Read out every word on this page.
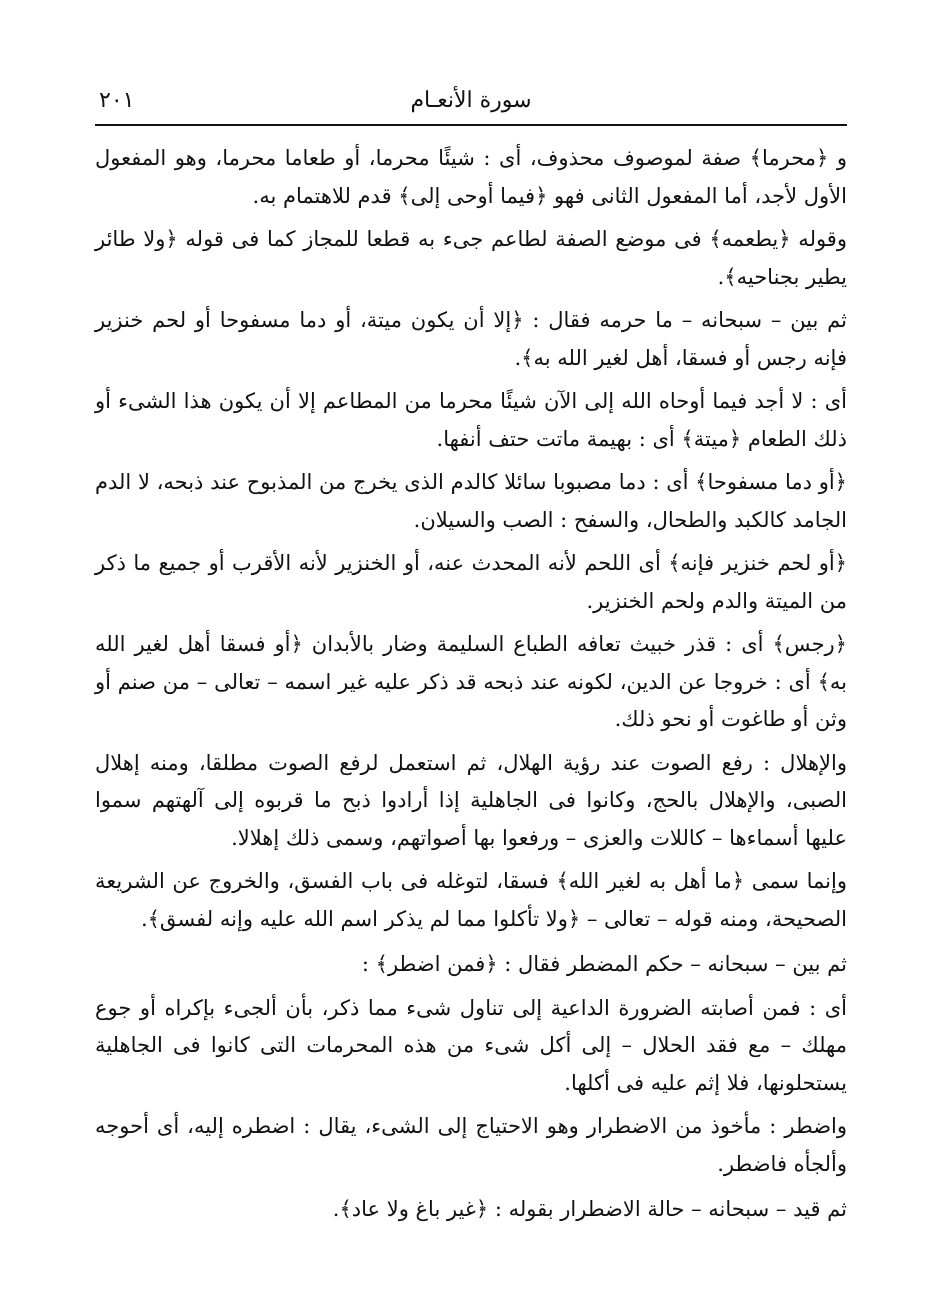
سورة الأنعـام
٢٠١

و ﴿محرما﴾ صفة لموصوف محذوف، أى : شيئًا محرما، أو طعاما محرما، وهو المفعول الأول لأجد، أما المفعول الثانى فهو ﴿فيما أوحى إلى﴾ قدم للاهتمام به.

وقوله ﴿يطعمه﴾ فى موضع الصفة لطاعم جىء به قطعا للمجاز كما فى قوله ﴿ولا طائر يطير بجناحيه﴾.

ثم بين – سبحانه – ما حرمه فقال : ﴿إلا أن يكون ميتة، أو دما مسفوحا أو لحم خنزير فإنه رجس أو فسقا، أهل لغير الله به﴾.

أى : لا أجد فيما أوحاه الله إلى الآن شيئًا محرما من المطاعم إلا أن يكون هذا الشىء أو ذلك الطعام ﴿ميتة﴾ أى : بهيمة ماتت حتف أنفها.

﴿أو دما مسفوحا﴾ أى : دما مصبوبا سائلا كالدم الذى يخرج من المذبوح عند ذبحه، لا الدم الجامد كالكبد والطحال، والسفح : الصب والسيلان.

﴿أو لحم خنزير فإنه﴾ أى اللحم لأنه المحدث عنه، أو الخنزير لأنه الأقرب أو جميع ما ذكر من الميتة والدم ولحم الخنزير.

﴿رجس﴾ أى : قذر خبيث تعافه الطباع السليمة وضار بالأبدان ﴿أو فسقا أهل لغير الله به﴾ أى : خروجا عن الدين، لكونه عند ذبحه قد ذكر عليه غير اسمه – تعالى – من صنم أو وثن أو طاغوت أو نحو ذلك.

والإهلال : رفع الصوت عند رؤية الهلال، ثم استعمل لرفع الصوت مطلقا، ومنه إهلال الصبى، والإهلال بالحج، وكانوا فى الجاهلية إذا أرادوا ذبح ما قربوه إلى آلهتهم سموا عليها أسماءها – كاللات والعزى – ورفعوا بها أصواتهم، وسمى ذلك إهلالا.

وإنما سمى ﴿ما أهل به لغير الله﴾ فسقا، لتوغله فى باب الفسق، والخروج عن الشريعة الصحيحة، ومنه قوله – تعالى – ﴿ولا تأكلوا مما لم يذكر اسم الله عليه وإنه لفسق﴾.

ثم بين – سبحانه – حكم المضطر فقال : ﴿فمن اضطر﴾ :

أى : فمن أصابته الضرورة الداعية إلى تناول شىء مما ذكر، بأن ألجىء بإكراه أو جوع مهلك – مع فقد الحلال – إلى أكل شىء من هذه المحرمات التى كانوا فى الجاهلية يستحلونها، فلا إثم عليه فى أكلها.

واضطر : مأخوذ من الاضطرار وهو الاحتياج إلى الشىء، يقال : اضطره إليه، أى أحوجه وألجأه فاضطر.

ثم قيد – سبحانه – حالة الاضطرار بقوله : ﴿غير باغ ولا عاد﴾.
